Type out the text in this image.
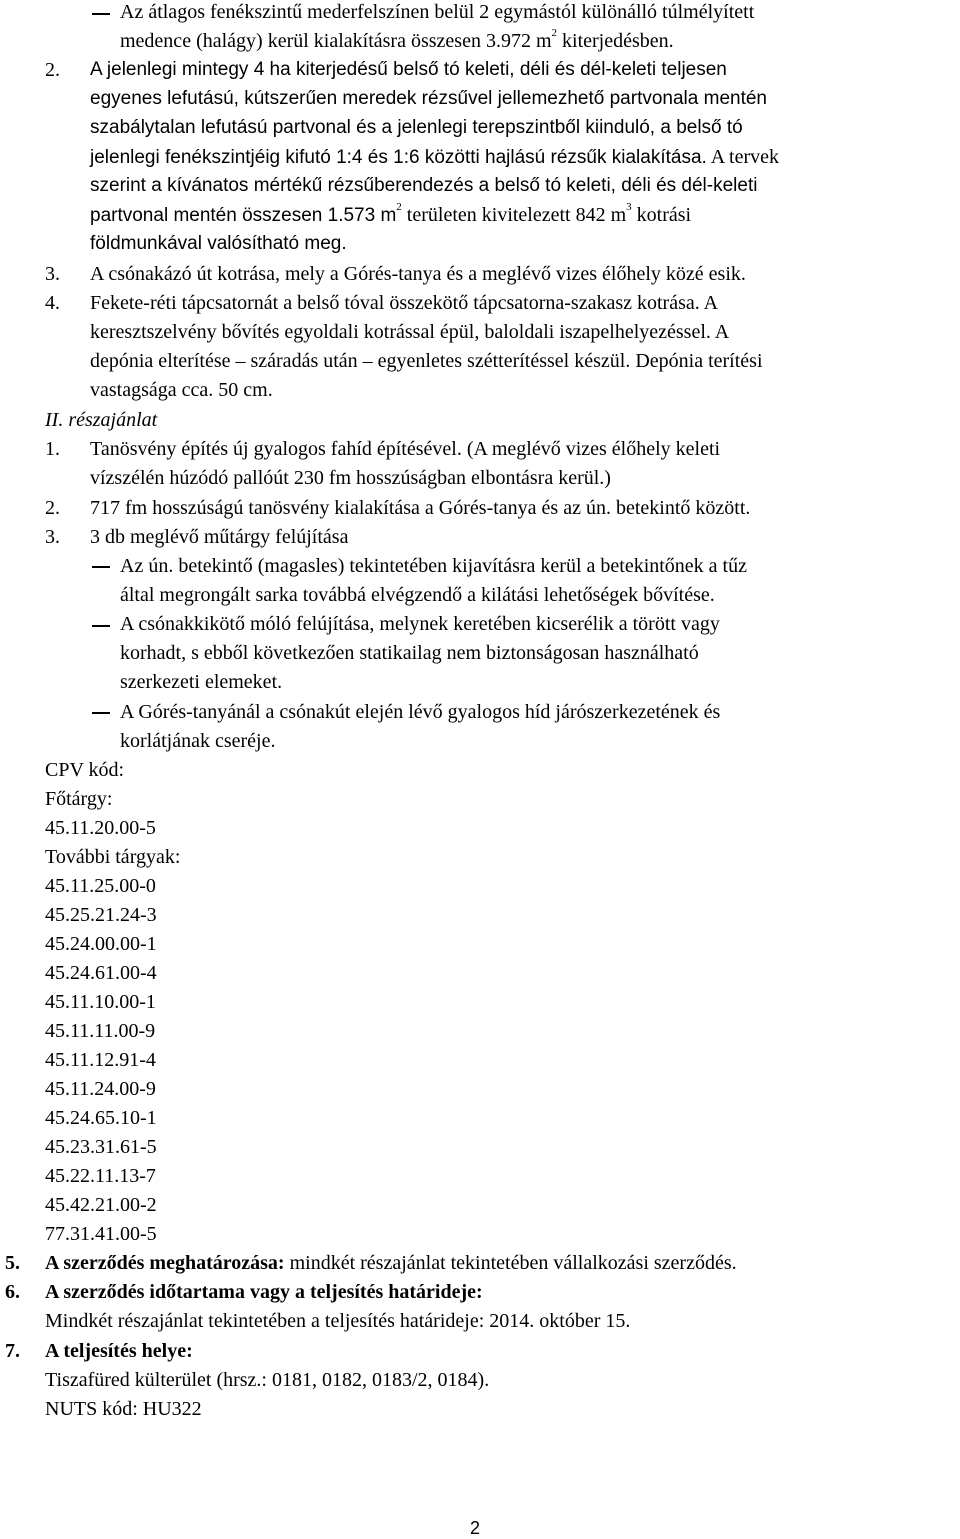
Az átlagos fenékszintű mederfelszínen belül 2 egymástól különálló túlmélyített
medence (halágy) kerül kialakításra összesen 3.972 $m^2$ kiterjedésben.
2. A jelenlegi mintegy 4 ha kiterjedésű belső tó keleti, déli és dél-keleti teljesen
egyenes lefutású, kútszerűen meredek rézsűvel jellemezhető partvonala mentén
szabálytalan lefutású partvonal és a jelenlegi terepszintből kiinduló, a belső tó
jelenlegi fenékszintjéig kifutó 1:4 és 1:6 közötti hajlású rézsűk kialakítása. A tervek
szerint a kívánatos mértékű rézsűberendezés a belső tó keleti, déli és dél-keleti
partvonal mentén összesen 1.573 $m^2$ területen kivitelezett 842 $m^3$ kotrási
földmunkával valósítható meg.
3. A csónakázó út kotrása, mely a Górés-tanya és a meglévő vizes élőhely közé esik.
4. Fekete-réti tápcsatornát a belső tóval összekötő tápcsatorna-szakasz kotrása. A
keresztszelvény bővítés egyoldali kotrással épül, baloldali iszapelhelyezéssel. A
depónia elterítése – száradás után – egyenletes szétterítéssel készül. Depónia terítési
vastagsága cca. 50 cm.
II. részajánlat
1. Tanösvény építés új gyalogos fahíd építésével. (A meglévő vizes élőhely keleti
vízszélén húzódó pallóút 230 fm hosszúságban elbontásra kerül.)
2. 717 fm hosszúságú tanösvény kialakítása a Górés-tanya és az ún. betekintő között.
3. 3 db meglévő műtárgy felújítása
Az ún. betekintő (magasles) tekintetében kijavításra kerül a betekintőnek a tűz
által megrongált sarka továbbá elvégzendő a kilátási lehetőségek bővítése.
A csónakkikötő móló felújítása, melynek keretében kicserélik a törött vagy
korhadt, s ebből következően statikailag nem biztonságosan használható
szerkezeti elemeket.
A Górés-tanyánál a csónakút elején lévő gyalogos híd járószerkezetének és
korlátjának cseréje.
CPV kód:
Főtárgy:
45.11.20.00-5
További tárgyak:
45.11.25.00-0
45.25.21.24-3
45.24.00.00-1
45.24.61.00-4
45.11.10.00-1
45.11.11.00-9
45.11.12.91-4
45.11.24.00-9
45.24.65.10-1
45.23.31.61-5
45.22.11.13-7
45.42.21.00-2
77.31.41.00-5
5. A szerződés meghatározása: mindkét részajánlat tekintetében vállalkozási szerződés.
6. A szerződés időtartama vagy a teljesítés határideje:
Mindkét részajánlat tekintetében a teljesítés határideje: 2014. október 15.
7. A teljesítés helye:
Tiszafüred külterület (hrsz.: 0181, 0182, 0183/2, 0184).
NUTS kód: HU322
2
